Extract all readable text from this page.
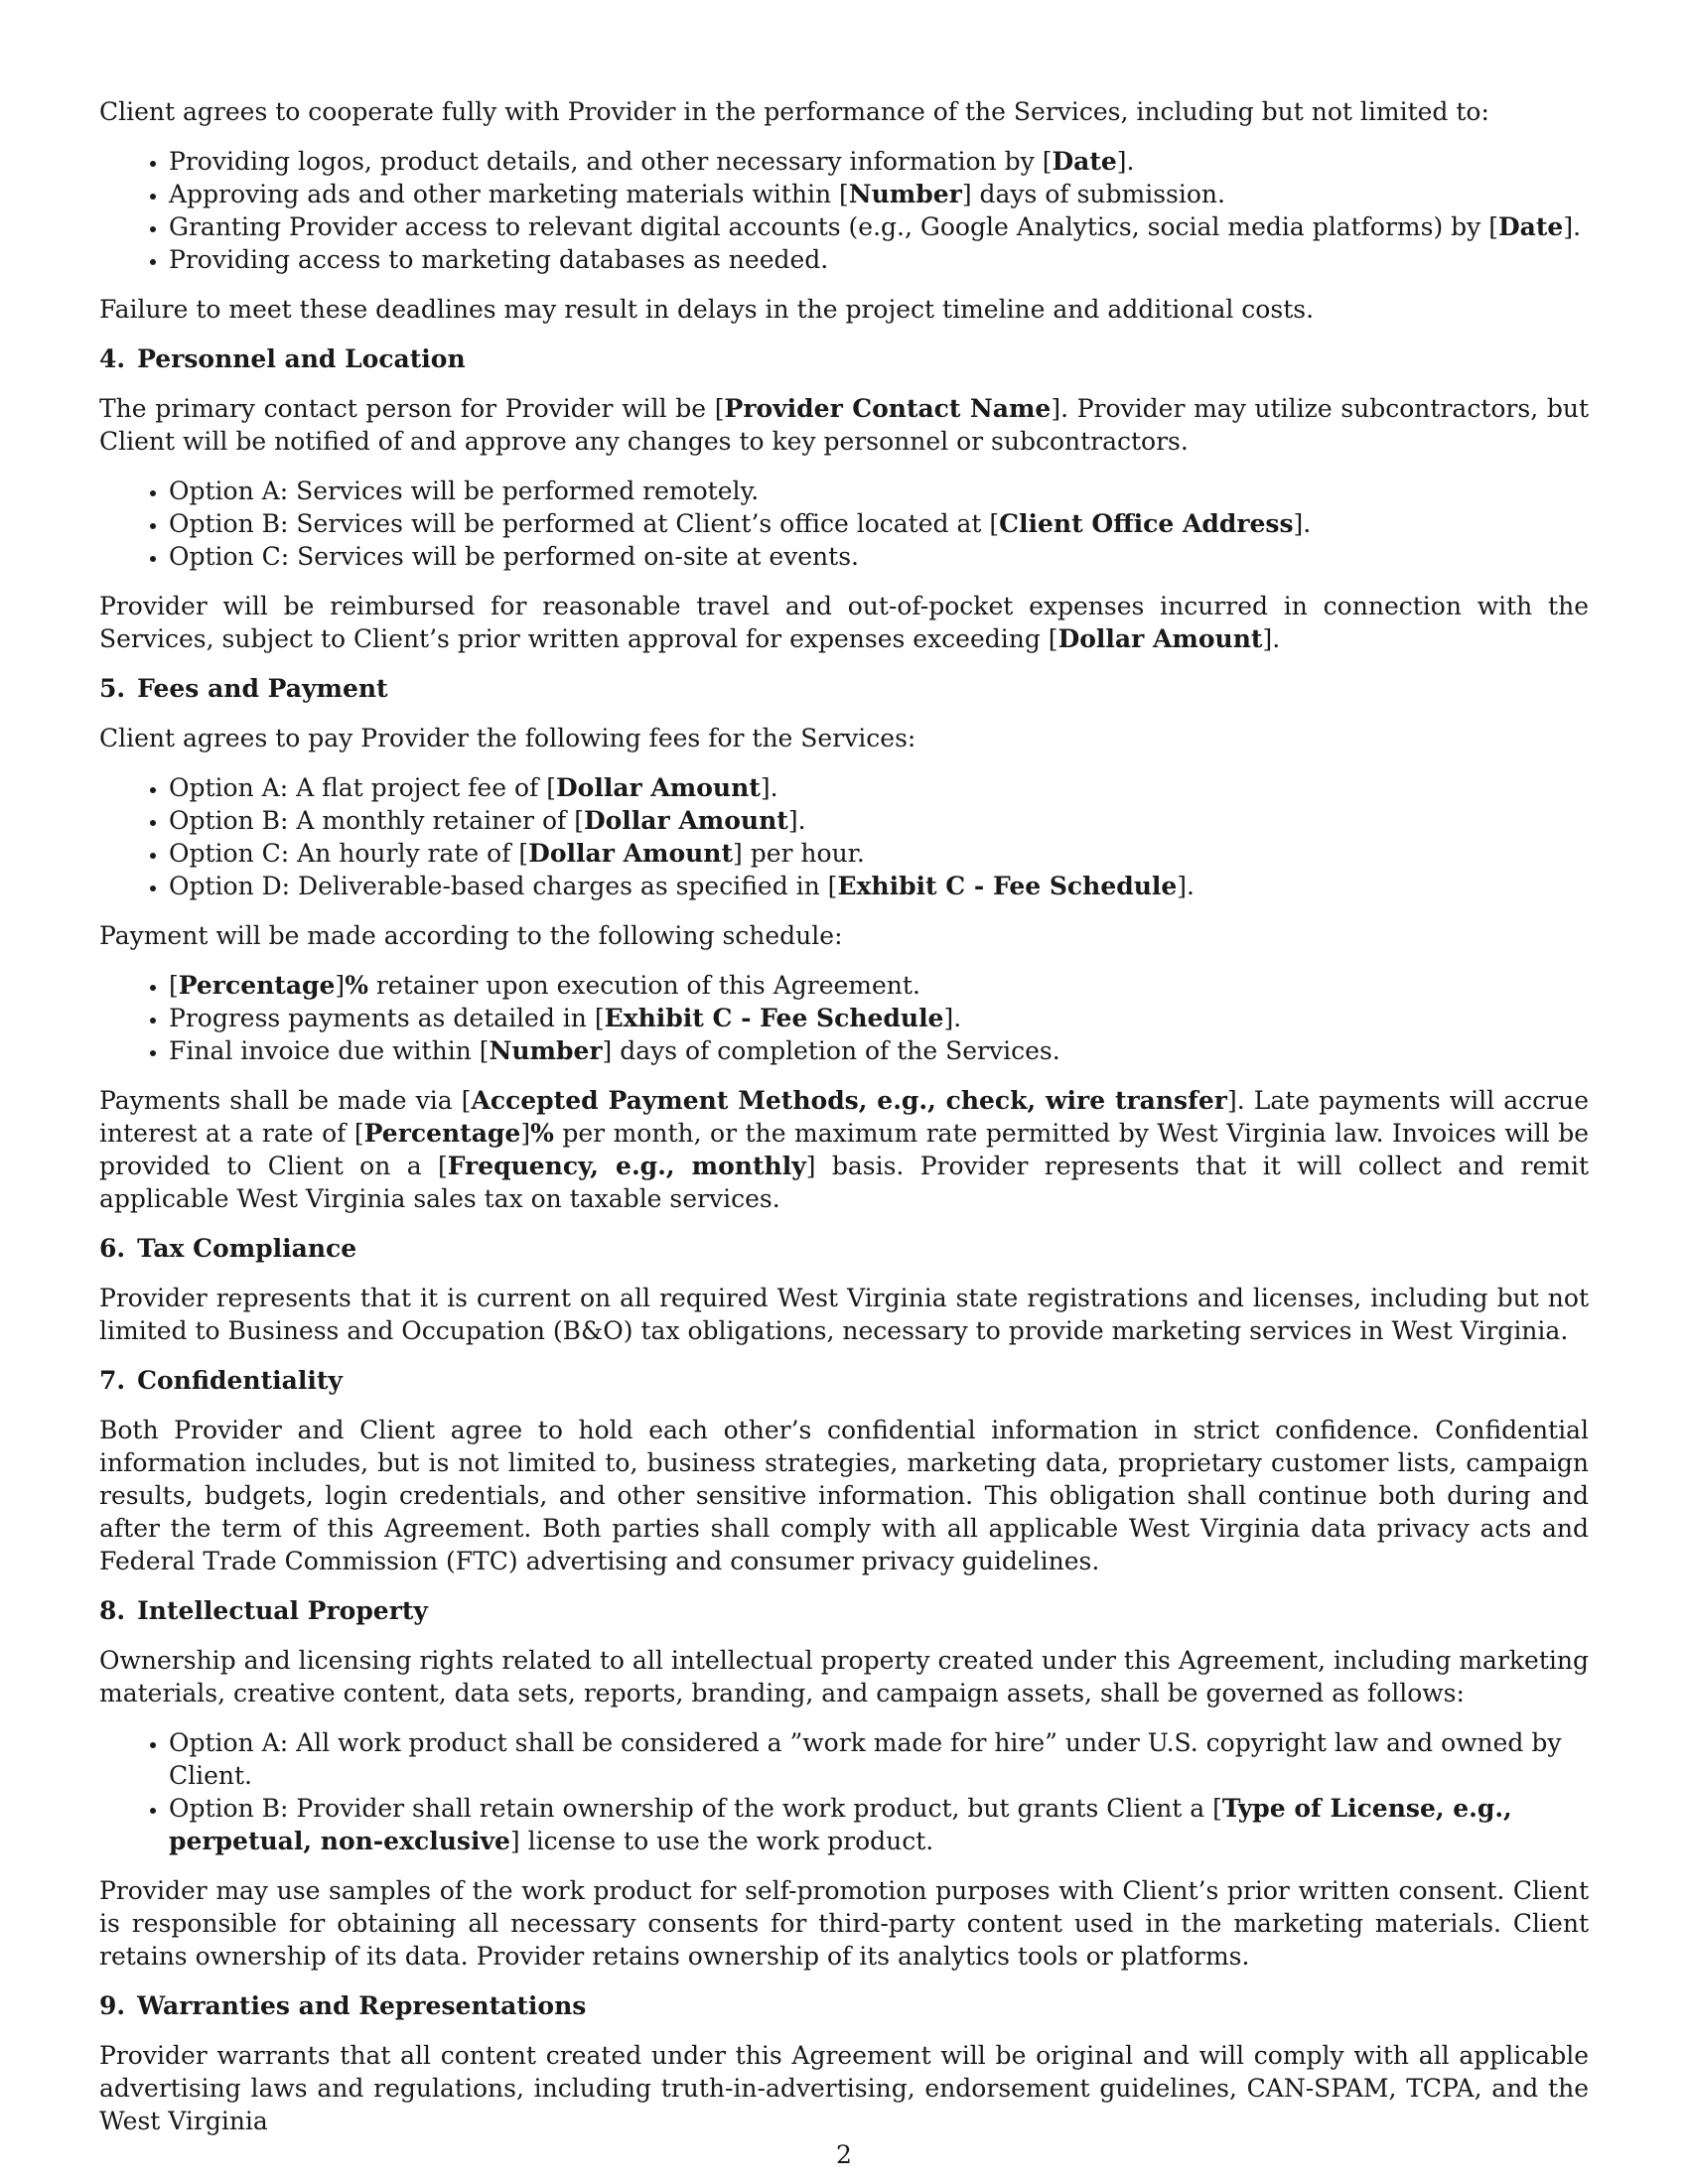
Client agrees to cooperate fully with Provider in the performance of the Services, including but not limited to:

• Providing logos, product details, and other necessary information by [Date].
• Approving ads and other marketing materials within [Number] days of submission.
• Granting Provider access to relevant digital accounts (e.g., Google Analytics, social media platforms) by [Date].
• Providing access to marketing databases as needed.

Failure to meet these deadlines may result in delays in the project timeline and additional costs.

4. Personnel and Location

The primary contact person for Provider will be [Provider Contact Name]. Provider may utilize subcontractors, but Client will be notified of and approve any changes to key personnel or subcontractors.

• Option A: Services will be performed remotely.
• Option B: Services will be performed at Client’s office located at [Client Office Address].
• Option C: Services will be performed on-site at events.

Provider will be reimbursed for reasonable travel and out-of-pocket expenses incurred in connection with the Services, subject to Client’s prior written approval for expenses exceeding [Dollar Amount].

5. Fees and Payment

Client agrees to pay Provider the following fees for the Services:

• Option A: A flat project fee of [Dollar Amount].
• Option B: A monthly retainer of [Dollar Amount].
• Option C: An hourly rate of [Dollar Amount] per hour.
• Option D: Deliverable-based charges as specified in [Exhibit C - Fee Schedule].

Payment will be made according to the following schedule:

• [Percentage]% retainer upon execution of this Agreement.
• Progress payments as detailed in [Exhibit C - Fee Schedule].
• Final invoice due within [Number] days of completion of the Services.

Payments shall be made via [Accepted Payment Methods, e.g., check, wire transfer]. Late payments will accrue interest at a rate of [Percentage]% per month, or the maximum rate permitted by West Virginia law. Invoices will be provided to Client on a [Frequency, e.g., monthly] basis. Provider represents that it will collect and remit applicable West Virginia sales tax on taxable services.

6. Tax Compliance

Provider represents that it is current on all required West Virginia state registrations and licenses, including but not limited to Business and Occupation (B&O) tax obligations, necessary to provide marketing services in West Virginia.

7. Confidentiality

Both Provider and Client agree to hold each other’s confidential information in strict confidence. Confidential information includes, but is not limited to, business strategies, marketing data, proprietary customer lists, campaign results, budgets, login credentials, and other sensitive information. This obligation shall continue both during and after the term of this Agreement. Both parties shall comply with all applicable West Virginia data privacy acts and Federal Trade Commission (FTC) advertising and consumer privacy guidelines.

8. Intellectual Property

Ownership and licensing rights related to all intellectual property created under this Agreement, including marketing materials, creative content, data sets, reports, branding, and campaign assets, shall be governed as follows:

• Option A: All work product shall be considered a ”work made for hire” under U.S. copyright law and owned by Client.
• Option B: Provider shall retain ownership of the work product, but grants Client a [Type of License, e.g., perpetual, non-exclusive] license to use the work product.

Provider may use samples of the work product for self-promotion purposes with Client’s prior written consent. Client is responsible for obtaining all necessary consents for third-party content used in the marketing materials. Client retains ownership of its data. Provider retains ownership of its analytics tools or platforms.

9. Warranties and Representations

Provider warrants that all content created under this Agreement will be original and will comply with all applicable advertising laws and regulations, including truth-in-advertising, endorsement guidelines, CAN-SPAM, TCPA, and the West Virginia

2
